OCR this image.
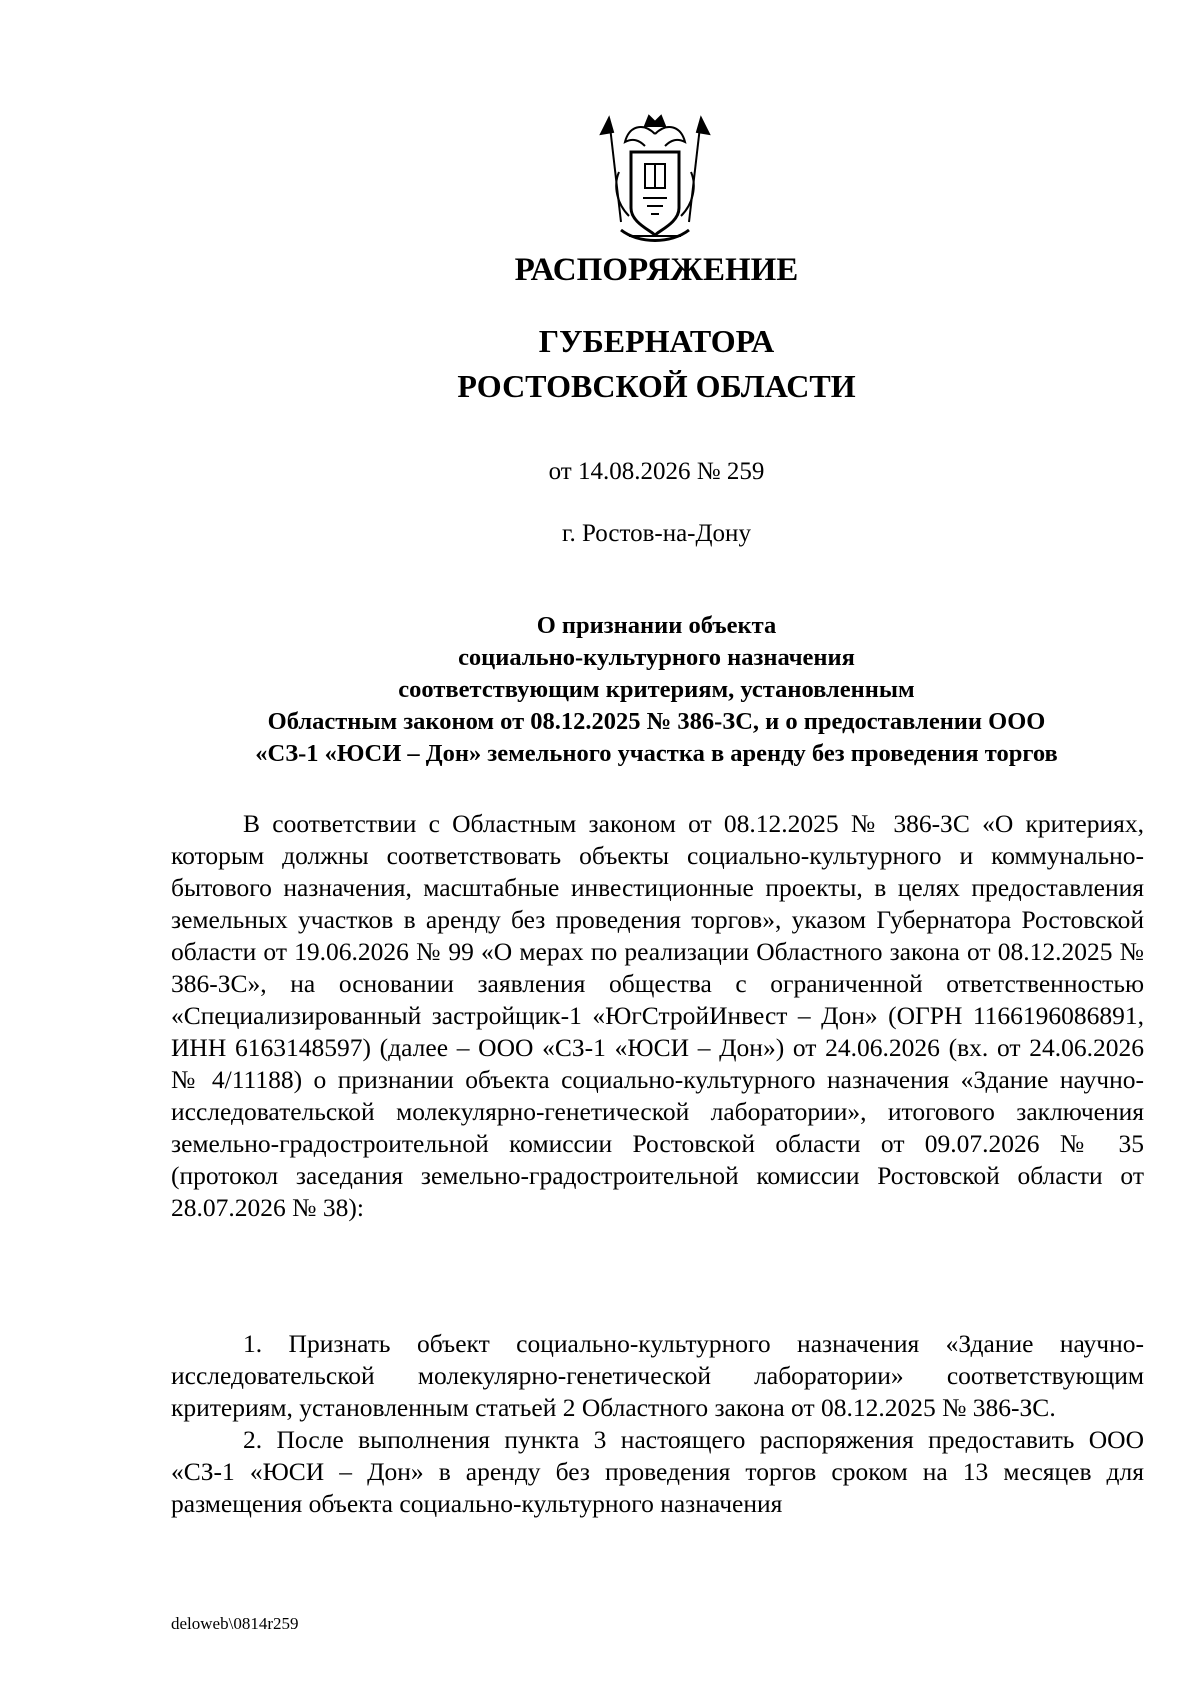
РАСПОРЯЖЕНИЕ
ГУБЕРНАТОРА
РОСТОВСКОЙ ОБЛАСТИ
от 14.08.2026 № 259
г. Ростов-на-Дону
О признании объекта
социально-культурного назначения
соответствующим критериям, установленным
Областным законом от 08.12.2025 № 386-ЗС, и о предоставлении ООО
«СЗ-1 «ЮСИ – Дон» земельного участка в аренду без проведения торгов

В соответствии с Областным законом от 08.12.2025 № 386-ЗС «О критериях, которым должны соответствовать объекты социально-культурного и коммунально-бытового назначения, масштабные инвестиционные проекты, в целях предоставления земельных участков в аренду без проведения торгов», указом Губернатора Ростовской области от 19.06.2026 № 99 «О мерах по реализации Областного закона от 08.12.2025 № 386-ЗС», на основании заявления общества с ограниченной ответственностью «Специализированный застройщик-1 «ЮгСтройИнвест – Дон» (ОГРН 1166196086891, ИНН 6163148597) (далее – ООО «СЗ-1 «ЮСИ – Дон») от 24.06.2026 (вх. от 24.06.2026 № 4/11188) о признании объекта социально-культурного назначения «Здание научно-исследовательской молекулярно-генетической лаборатории», итогового заключения земельно-градостроительной комиссии Ростовской области от 09.07.2026 № 35 (протокол заседания земельно-градостроительной комиссии Ростовской области от 28.07.2026 № 38):

1. Признать объект социально-культурного назначения «Здание научно-исследовательской молекулярно-генетической лаборатории» соответствующим критериям, установленным статьей 2 Областного закона от 08.12.2025 № 386-ЗС.

2. После выполнения пункта 3 настоящего распоряжения предоставить ООО «СЗ-1 «ЮСИ – Дон» в аренду без проведения торгов сроком на 13 месяцев для размещения объекта социально-культурного назначения

deloweb\0814r259
